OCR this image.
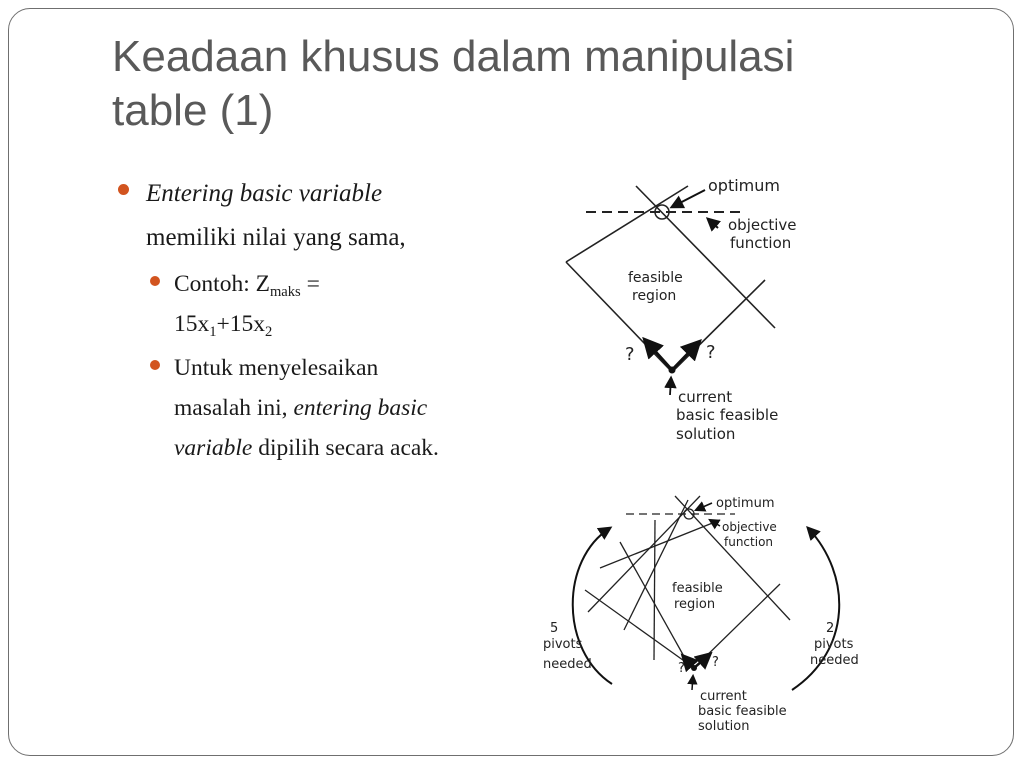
Keadaan khusus dalam manipulasi
table (1)
Entering basic variable
memiliki nilai yang sama,
Contoh: $Z_{maks}$ =
$15x_1+15x_2$
Untuk menyelesaikan
masalah ini, entering basic
variable dipilih secara acak.
optimum
objective
function
feasible
region
?	?
current
basic feasible
solution
optimum
objective
function
feasible
region
? ?
current
basic feasible
solution
5
pivots
needed
2
pivots
needed
